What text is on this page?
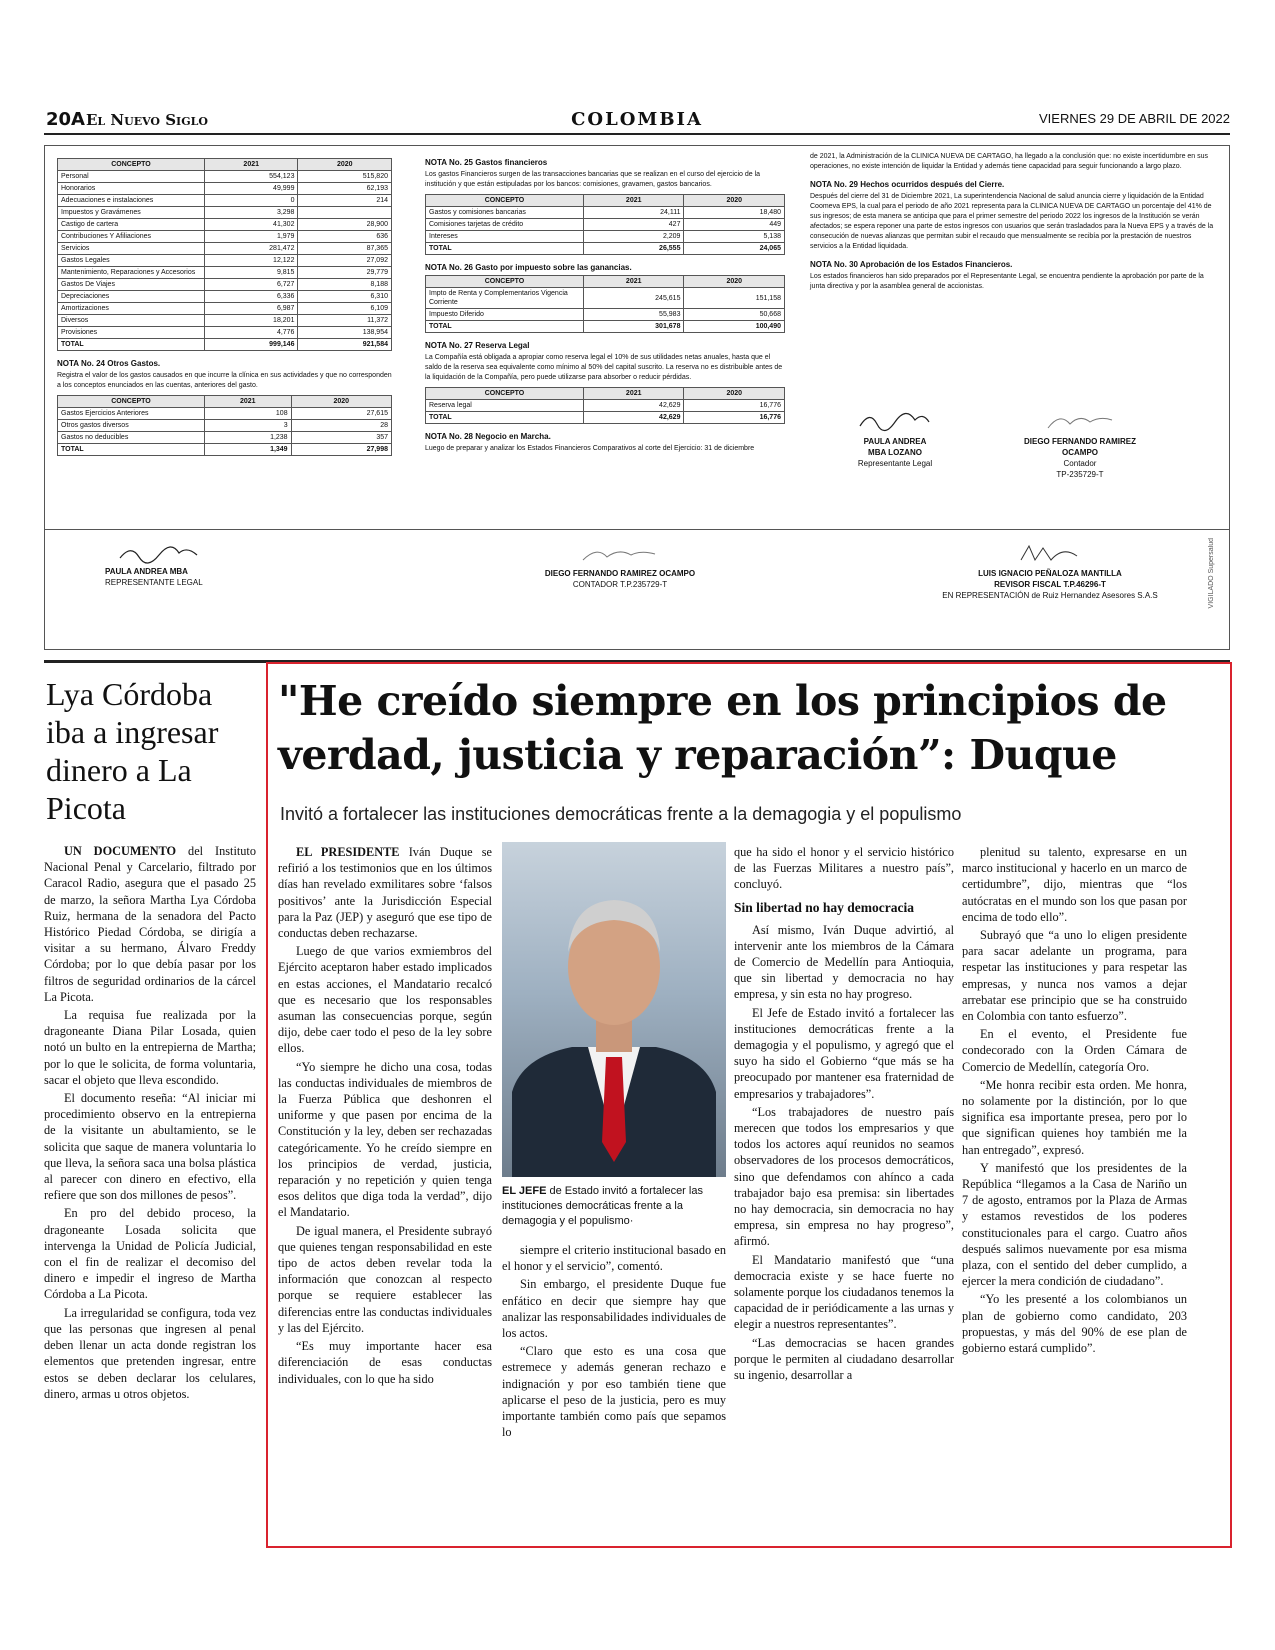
20A El Nuevo Siglo	COLOMBIA	VIERNES 29 DE ABRIL DE 2022
CONCEPTO	2021	2020
Personal	554,123	515,820
Honorarios	49,999	62,193
Adecuaciones e instalaciones	0	214
Impuestos y Gravámenes	3,298	
Castigo de cartera	41,302	28,900
Contribuciones Y Afiliaciones	1,979	636
Servicios	281,472	87,365
Gastos Legales	12,122	27,092
Mantenimiento, Reparaciones y Accesorios	9,815	29,779
Gastos De Viajes	6,727	8,188
Depreciaciones	6,336	6,310
Amortizaciones	6,987	6,109
Diversos	18,201	11,372
Provisiones	4,776	138,954
TOTAL	999,146	921,584
NOTA No. 24 Otros Gastos.
Registra el valor de los gastos causados en que incurre la clínica en sus actividades y que no corresponden a los conceptos enunciados en las cuentas, anteriores del gasto.
CONCEPTO	2021	2020
Gastos Ejercicios Anteriores	108	27,615
Otros gastos diversos	3	28
Gastos no deducibles	1,238	357
TOTAL	1,349	27,998
NOTA No. 25 Gastos financieros
Los gastos Financieros surgen de las transacciones bancarias que se realizan en el curso del ejercicio de la institución y que están estipuladas por los bancos: comisiones, gravamen, gastos bancarios.
CONCEPTO	2021	2020
Gastos y comisiones bancarias	24,111	18,480
Comisiones tarjetas de crédito	427	449
Intereses	2,209	5,138
TOTAL	26,555	24,065
NOTA No. 26 Gasto por impuesto sobre las ganancias.
CONCEPTO	2021	2020
Impto de Renta y Complementarios Vigencia Corriente	245,615	151,158
Impuesto Diferido	55,983	50,668
TOTAL	301,678	100,490
NOTA No. 27 Reserva Legal
La Compañía está obligada a apropiar como reserva legal el 10% de sus utilidades netas anuales, hasta que el saldo de la reserva sea equivalente como mínimo al 50% del capital suscrito. La reserva no es distribuible antes de la liquidación de la Compañía, pero puede utilizarse para absorber o reducir pérdidas.
CONCEPTO	2021	2020
Reserva legal	42,629	16,776
TOTAL	42,629	16,776
NOTA No. 28 Negocio en Marcha.
Luego de preparar y analizar los Estados Financieros Comparativos al corte del Ejercicio: 31 de diciembre
de 2021, la Administración de la CLINICA NUEVA DE CARTAGO, ha llegado a la conclusión que: no existe incertidumbre en sus operaciones, no existe intención de liquidar la Entidad y además tiene capacidad para seguir funcionando a largo plazo.
NOTA No. 29 Hechos ocurridos después del Cierre.
Después del cierre del 31 de Diciembre 2021, La superintendencia Nacional de salud anuncia cierre y liquidación de la Entidad Coomeva EPS, la cual para el periodo de año 2021 representa para la CLINICA NUEVA DE CARTAGO un porcentaje del 41% de sus ingresos; de esta manera se anticipa que para el primer semestre del periodo 2022 los ingresos de la Institución se verán afectados; se espera reponer una parte de estos ingresos con usuarios que serán trasladados para la Nueva EPS y a través de la consecución de nuevas alianzas que permitan subir el recaudo que mensualmente se recibía por la prestación de nuestros servicios a la Entidad liquidada.
NOTA No. 30 Aprobación de los Estados Financieros.
Los estados financieros han sido preparados por el Representante Legal, se encuentra pendiente la aprobación por parte de la junta directiva y por la asamblea general de accionistas.
PAULA ANDREA
MBA LOZANO
Representante Legal
DIEGO FERNANDO RAMIREZ
OCAMPO
Contador
TP-235729-T
PAULA ANDREA MBA
REPRESENTANTE LEGAL
DIEGO FERNANDO RAMIREZ OCAMPO
CONTADOR T.P.235729-T
LUIS IGNACIO PEÑALOZA MANTILLA
REVISOR FISCAL T.P.46296-T
EN REPRESENTACIÓN de Ruiz Hernandez Asesores S.A.S	VIGILADO Supersalud
Lya Córdoba iba a ingresar dinero a La Picota

UN DOCUMENTO del Instituto Nacional Penal y Carcelario, filtrado por Caracol Radio, asegura que el pasado 25 de marzo, la señora Martha Lya Córdoba Ruiz, hermana de la senadora del Pacto Histórico Piedad Córdoba, se dirigía a visitar a su hermano, Álvaro Freddy Córdoba; por lo que debía pasar por los filtros de seguridad ordinarios de la cárcel La Picota.

La requisa fue realizada por la dragoneante Diana Pilar Losada, quien notó un bulto en la entrepierna de Martha; por lo que le solicita, de forma voluntaria, sacar el objeto que lleva escondido.

El documento reseña: “Al iniciar mi procedimiento observo en la entrepierna de la visitante un abultamiento, se le solicita que saque de manera voluntaria lo que lleva, la señora saca una bolsa plástica al parecer con dinero en efectivo, ella refiere que son dos millones de pesos”.

En pro del debido proceso, la dragoneante Losada solicita que intervenga la Unidad de Policía Judicial, con el fin de realizar el decomiso del dinero e impedir el ingreso de Martha Córdoba a La Picota.

La irregularidad se configura, toda vez que las personas que ingresen al penal deben llenar un acta donde registran los elementos que pretenden ingresar, entre estos se deben declarar los celulares, dinero, armas u otros objetos.

"He creído siempre en los principios de verdad, justicia y reparación”: Duque
Invitó a fortalecer las instituciones democráticas frente a la demagogia y el populismo

EL PRESIDENTE Iván Duque se refirió a los testimonios que en los últimos días han revelado exmilitares sobre ‘falsos positivos’ ante la Jurisdicción Especial para la Paz (JEP) y aseguró que ese tipo de conductas deben rechazarse.

Luego de que varios exmiembros del Ejército aceptaron haber estado implicados en estas acciones, el Mandatario recalcó que es necesario que los responsables asuman las consecuencias porque, según dijo, debe caer todo el peso de la ley sobre ellos.

“Yo siempre he dicho una cosa, todas las conductas individuales de miembros de la Fuerza Pública que deshonren el uniforme y que pasen por encima de la Constitución y la ley, deben ser rechazadas categóricamente. Yo he creído siempre en los principios de verdad, justicia, reparación y no repetición y quien tenga esos delitos que diga toda la verdad”, dijo el Mandatario.

De igual manera, el Presidente subrayó que quienes tengan responsabilidad en este tipo de actos deben revelar toda la información que conozcan al respecto porque se requiere establecer las diferencias entre las conductas individuales y las del Ejército.

“Es muy importante hacer esa diferenciación de esas conductas individuales, con lo que ha sido

EL JEFE de Estado invitó a fortalecer las instituciones democráticas frente a la demagogia y el populismo·

siempre el criterio institucional basado en el honor y el servicio”, comentó.

Sin embargo, el presidente Duque fue enfático en decir que siempre hay que analizar las responsabilidades individuales de los actos.

“Claro que esto es una cosa que estremece y además generan rechazo e indignación y por eso también tiene que aplicarse el peso de la justicia, pero es muy importante también como país que sepamos lo

que ha sido el honor y el servicio histórico de las Fuerzas Militares a nuestro país”, concluyó.

Sin libertad no hay democracia

Así mismo, Iván Duque advirtió, al intervenir ante los miembros de la Cámara de Comercio de Medellín para Antioquia, que sin libertad y democracia no hay empresa, y sin esta no hay progreso.

El Jefe de Estado invitó a fortalecer las instituciones democráticas frente a la demagogia y el populismo, y agregó que el suyo ha sido el Gobierno “que más se ha preocupado por mantener esa fraternidad de empresarios y trabajadores”.

“Los trabajadores de nuestro país merecen que todos los empresarios y que todos los actores aquí reunidos no seamos observadores de los procesos democráticos, sino que defendamos con ahínco a cada trabajador bajo esa premisa: sin libertades no hay democracia, sin democracia no hay empresa, sin empresa no hay progreso”, afirmó.

El Mandatario manifestó que “una democracia existe y se hace fuerte no solamente porque los ciudadanos tenemos la capacidad de ir periódicamente a las urnas y elegir a nuestros representantes”.

“Las democracias se hacen grandes porque le permiten al ciudadano desarrollar su ingenio, desarrollar a

plenitud su talento, expresarse en un marco institucional y hacerlo en un marco de certidumbre”, dijo, mientras que “los autócratas en el mundo son los que pasan por encima de todo ello”.

Subrayó que “a uno lo eligen presidente para sacar adelante un programa, para respetar las instituciones y para respetar las empresas, y nunca nos vamos a dejar arrebatar ese principio que se ha construido en Colombia con tanto esfuerzo”.

En el evento, el Presidente fue condecorado con la Orden Cámara de Comercio de Medellín, categoría Oro.

“Me honra recibir esta orden. Me honra, no solamente por la distinción, por lo que significa esa importante presea, pero por lo que significan quienes hoy también me la han entregado”, expresó.

Y manifestó que los presidentes de la República “llegamos a la Casa de Nariño un 7 de agosto, entramos por la Plaza de Armas y estamos revestidos de los poderes constitucionales para el cargo. Cuatro años después salimos nuevamente por esa misma plaza, con el sentido del deber cumplido, a ejercer la mera condición de ciudadano”.

“Yo les presenté a los colombianos un plan de gobierno como candidato, 203 propuestas, y más del 90% de ese plan de gobierno estará cumplido”.
